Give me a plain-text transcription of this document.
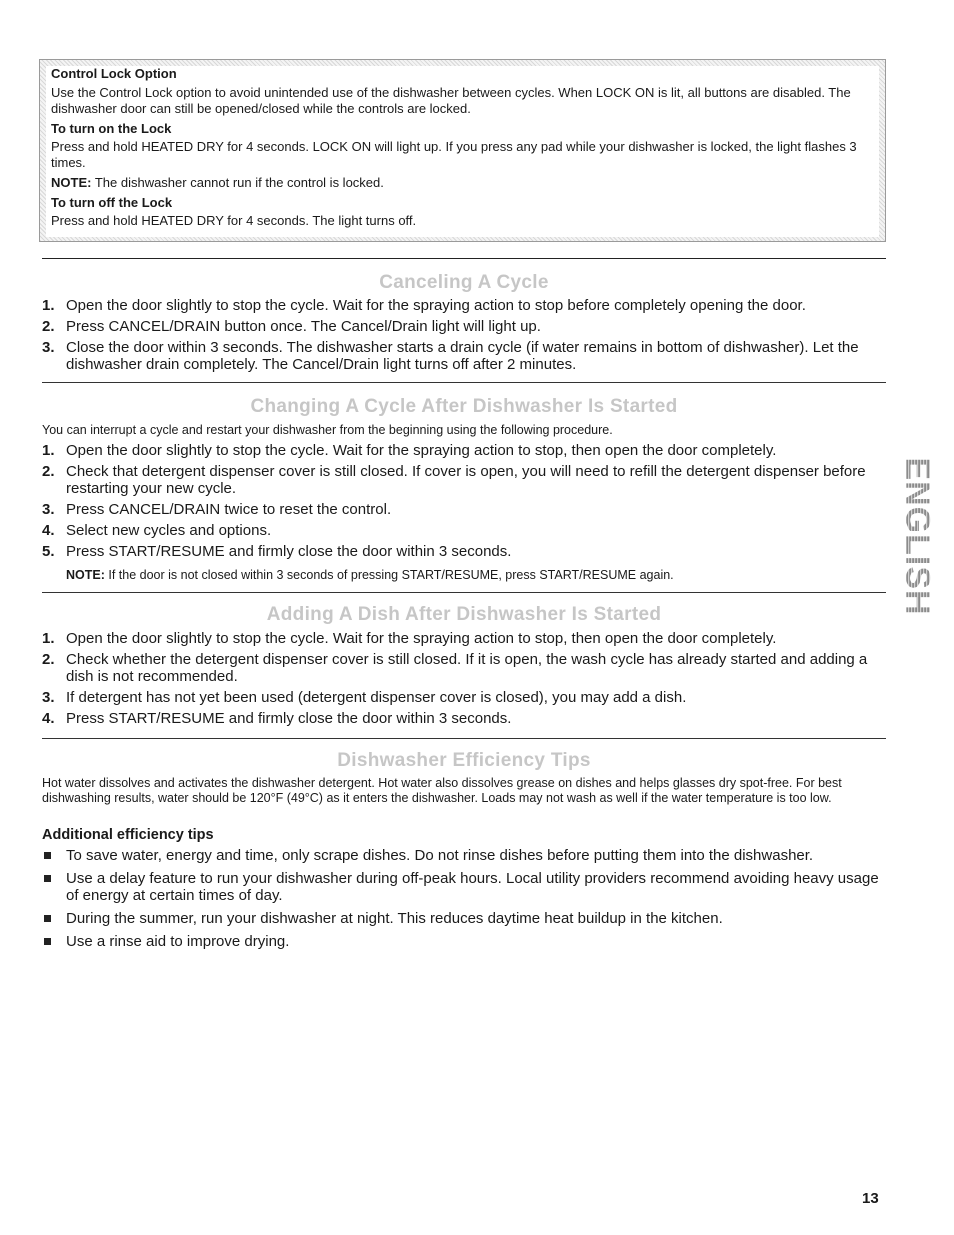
Control Lock Option
Use the Control Lock option to avoid unintended use of the dishwasher between cycles. When LOCK ON is lit, all buttons are disabled. The dishwasher door can still be opened/closed while the controls are locked.
To turn on the Lock
Press and hold HEATED DRY for 4 seconds. LOCK ON will light up. If you press any pad while your dishwasher is locked, the light flashes 3 times.
NOTE: The dishwasher cannot run if the control is locked.
To turn off the Lock
Press and hold HEATED DRY for 4 seconds. The light turns off.
Canceling A Cycle
1. Open the door slightly to stop the cycle. Wait for the spraying action to stop before completely opening the door.
2. Press CANCEL/DRAIN button once. The Cancel/Drain light will light up.
3. Close the door within 3 seconds. The dishwasher starts a drain cycle (if water remains in bottom of dishwasher). Let the dishwasher drain completely. The Cancel/Drain light turns off after 2 minutes.
Changing A Cycle After Dishwasher Is Started
You can interrupt a cycle and restart your dishwasher from the beginning using the following procedure.
1. Open the door slightly to stop the cycle. Wait for the spraying action to stop, then open the door completely.
2. Check that detergent dispenser cover is still closed. If cover is open, you will need to refill the detergent dispenser before restarting your new cycle.
3. Press CANCEL/DRAIN twice to reset the control.
4. Select new cycles and options.
5. Press START/RESUME and firmly close the door within 3 seconds.
NOTE: If the door is not closed within 3 seconds of pressing START/RESUME, press START/RESUME again.
Adding A Dish After Dishwasher Is Started
1. Open the door slightly to stop the cycle. Wait for the spraying action to stop, then open the door completely.
2. Check whether the detergent dispenser cover is still closed. If it is open, the wash cycle has already started and adding a dish is not recommended.
3. If detergent has not yet been used (detergent dispenser cover is closed), you may add a dish.
4. Press START/RESUME and firmly close the door within 3 seconds.
Dishwasher Efficiency Tips
Hot water dissolves and activates the dishwasher detergent. Hot water also dissolves grease on dishes and helps glasses dry spot-free. For best dishwashing results, water should be 120°F (49°C) as it enters the dishwasher. Loads may not wash as well if the water temperature is too low.
Additional efficiency tips
To save water, energy and time, only scrape dishes. Do not rinse dishes before putting them into the dishwasher.
Use a delay feature to run your dishwasher during off-peak hours. Local utility providers recommend avoiding heavy usage of energy at certain times of day.
During the summer, run your dishwasher at night. This reduces daytime heat buildup in the kitchen.
Use a rinse aid to improve drying.
ENGLISH
13
